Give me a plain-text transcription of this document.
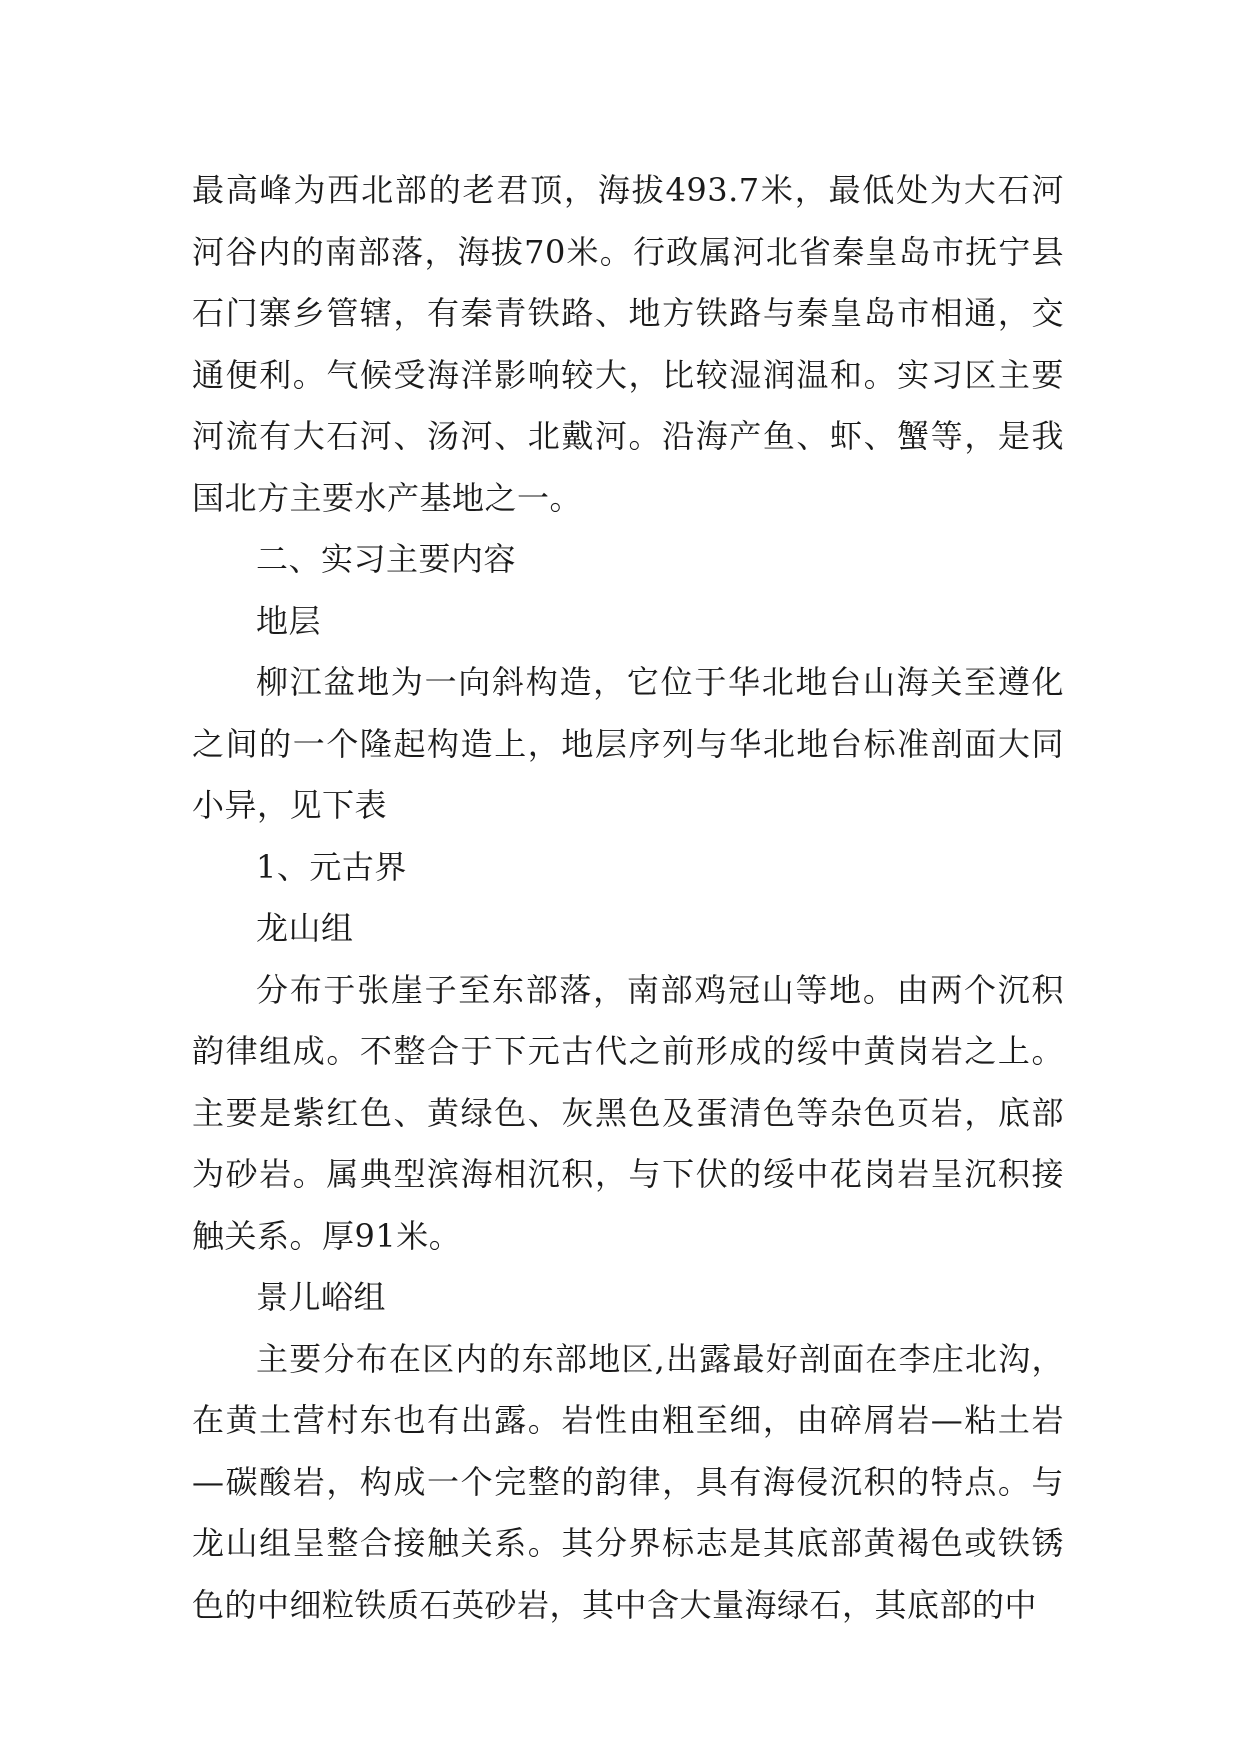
最高峰为西北部的老君顶，海拔493.7米，最低处为大石河河谷内的南部落，海拔70米。行政属河北省秦皇岛市抚宁县石门寨乡管辖，有秦青铁路、地方铁路与秦皇岛市相通，交通便利。气候受海洋影响较大，比较湿润温和。实习区主要河流有大石河、汤河、北戴河。沿海产鱼、虾、蟹等，是我国北方主要水产基地之一。

二、实习主要内容

地层

柳江盆地为一向斜构造，它位于华北地台山海关至遵化之间的一个隆起构造上，地层序列与华北地台标准剖面大同小异，见下表

1、元古界

龙山组

分布于张崖子至东部落，南部鸡冠山等地。由两个沉积韵律组成。不整合于下元古代之前形成的绥中黄岗岩之上。主要是紫红色、黄绿色、灰黑色及蛋清色等杂色页岩，底部为砂岩。属典型滨海相沉积，与下伏的绥中花岗岩呈沉积接触关系。厚91米。

景儿峪组

主要分布在区内的东部地区,出露最好剖面在李庄北沟，在黄土营村东也有出露。岩性由粗至细，由碎屑岩—粘土岩—碳酸岩，构成一个完整的韵律，具有海侵沉积的特点。与龙山组呈整合接触关系。其分界标志是其底部黄褐色或铁锈色的中细粒铁质石英砂岩，其中含大量海绿石，其底部的中
